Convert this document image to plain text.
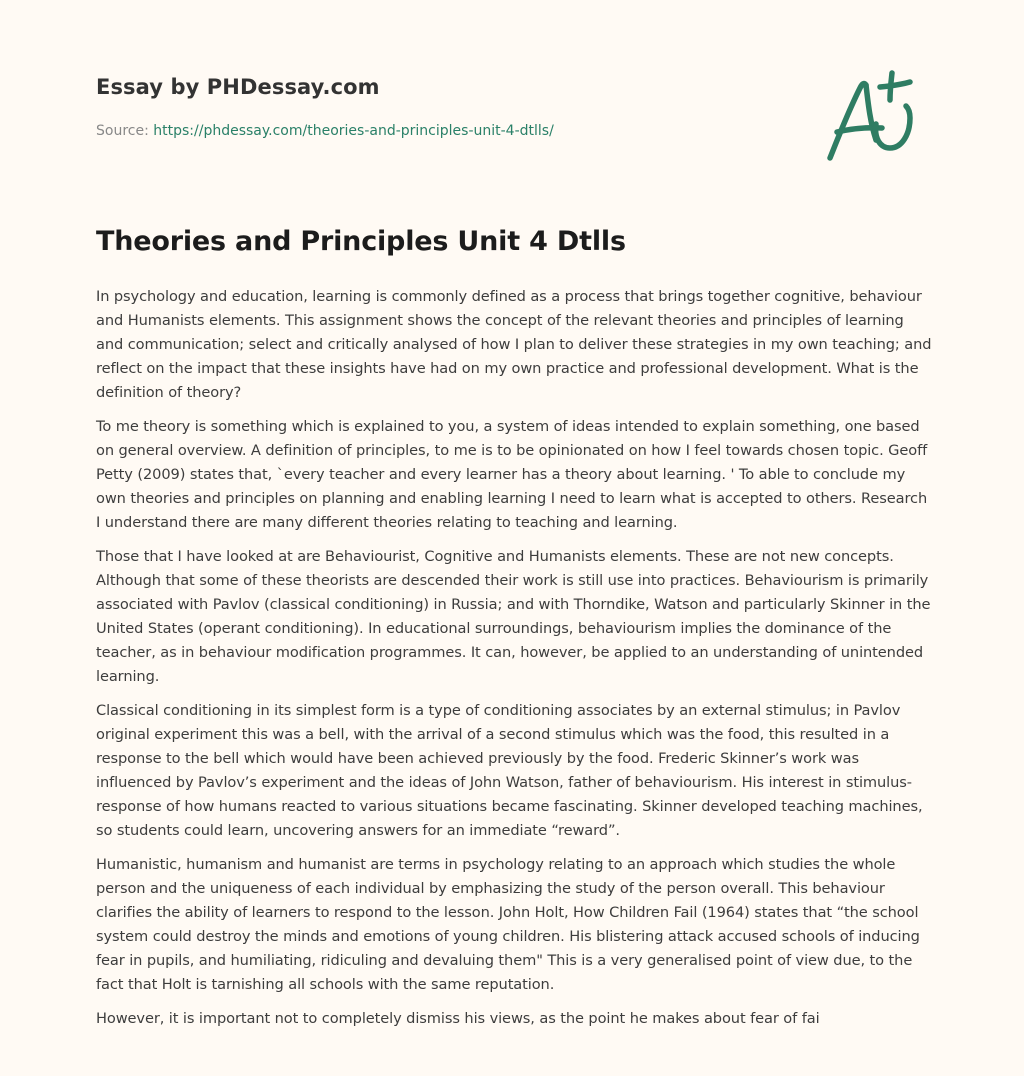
Essay by PHDessay.com
Source: https://phdessay.com/theories-and-principles-unit-4-dtlls/
Theories and Principles Unit 4 Dtlls

In psychology and education, learning is commonly defined as a process that brings together cognitive, behaviour and Humanists elements. This assignment shows the concept of the relevant theories and principles of learning and communication; select and critically analysed of how I plan to deliver these strategies in my own teaching; and reflect on the impact that these insights have had on my own practice and professional development. What is the definition of theory?

To me theory is something which is explained to you, a system of ideas intended to explain something, one based on general overview. A definition of principles, to me is to be opinionated on how I feel towards chosen topic. Geoff Petty (2009) states that, `every teacher and every learner has a theory about learning. ' To able to conclude my own theories and principles on planning and enabling learning I need to learn what is accepted to others. Research I understand there are many different theories relating to teaching and learning.

Those that I have looked at are Behaviourist, Cognitive and Humanists elements. These are not new concepts. Although that some of these theorists are descended their work is still use into practices. Behaviourism is primarily associated with Pavlov (classical conditioning) in Russia; and with Thorndike, Watson and particularly Skinner in the United States (operant conditioning). In educational surroundings, behaviourism implies the dominance of the teacher, as in behaviour modification programmes. It can, however, be applied to an understanding of unintended learning.

Classical conditioning in its simplest form is a type of conditioning associates by an external stimulus; in Pavlov original experiment this was a bell, with the arrival of a second stimulus which was the food, this resulted in a response to the bell which would have been achieved previously by the food. Frederic Skinner’s work was influenced by Pavlov’s experiment and the ideas of John Watson, father of behaviourism. His interest in stimulus-response of how humans reacted to various situations became fascinating. Skinner developed teaching machines, so students could learn, uncovering answers for an immediate “reward”.

Humanistic, humanism and humanist are terms in psychology relating to an approach which studies the whole person and the uniqueness of each individual by emphasizing the study of the person overall. This behaviour clarifies the ability of learners to respond to the lesson. John Holt, How Children Fail (1964) states that “the school system could destroy the minds and emotions of young children. His blistering attack accused schools of inducing fear in pupils, and humiliating, ridiculing and devaluing them" This is a very generalised point of view due, to the fact that Holt is tarnishing all schools with the same reputation.

However, it is important not to completely dismiss his views, as the point he makes about fear of fai
